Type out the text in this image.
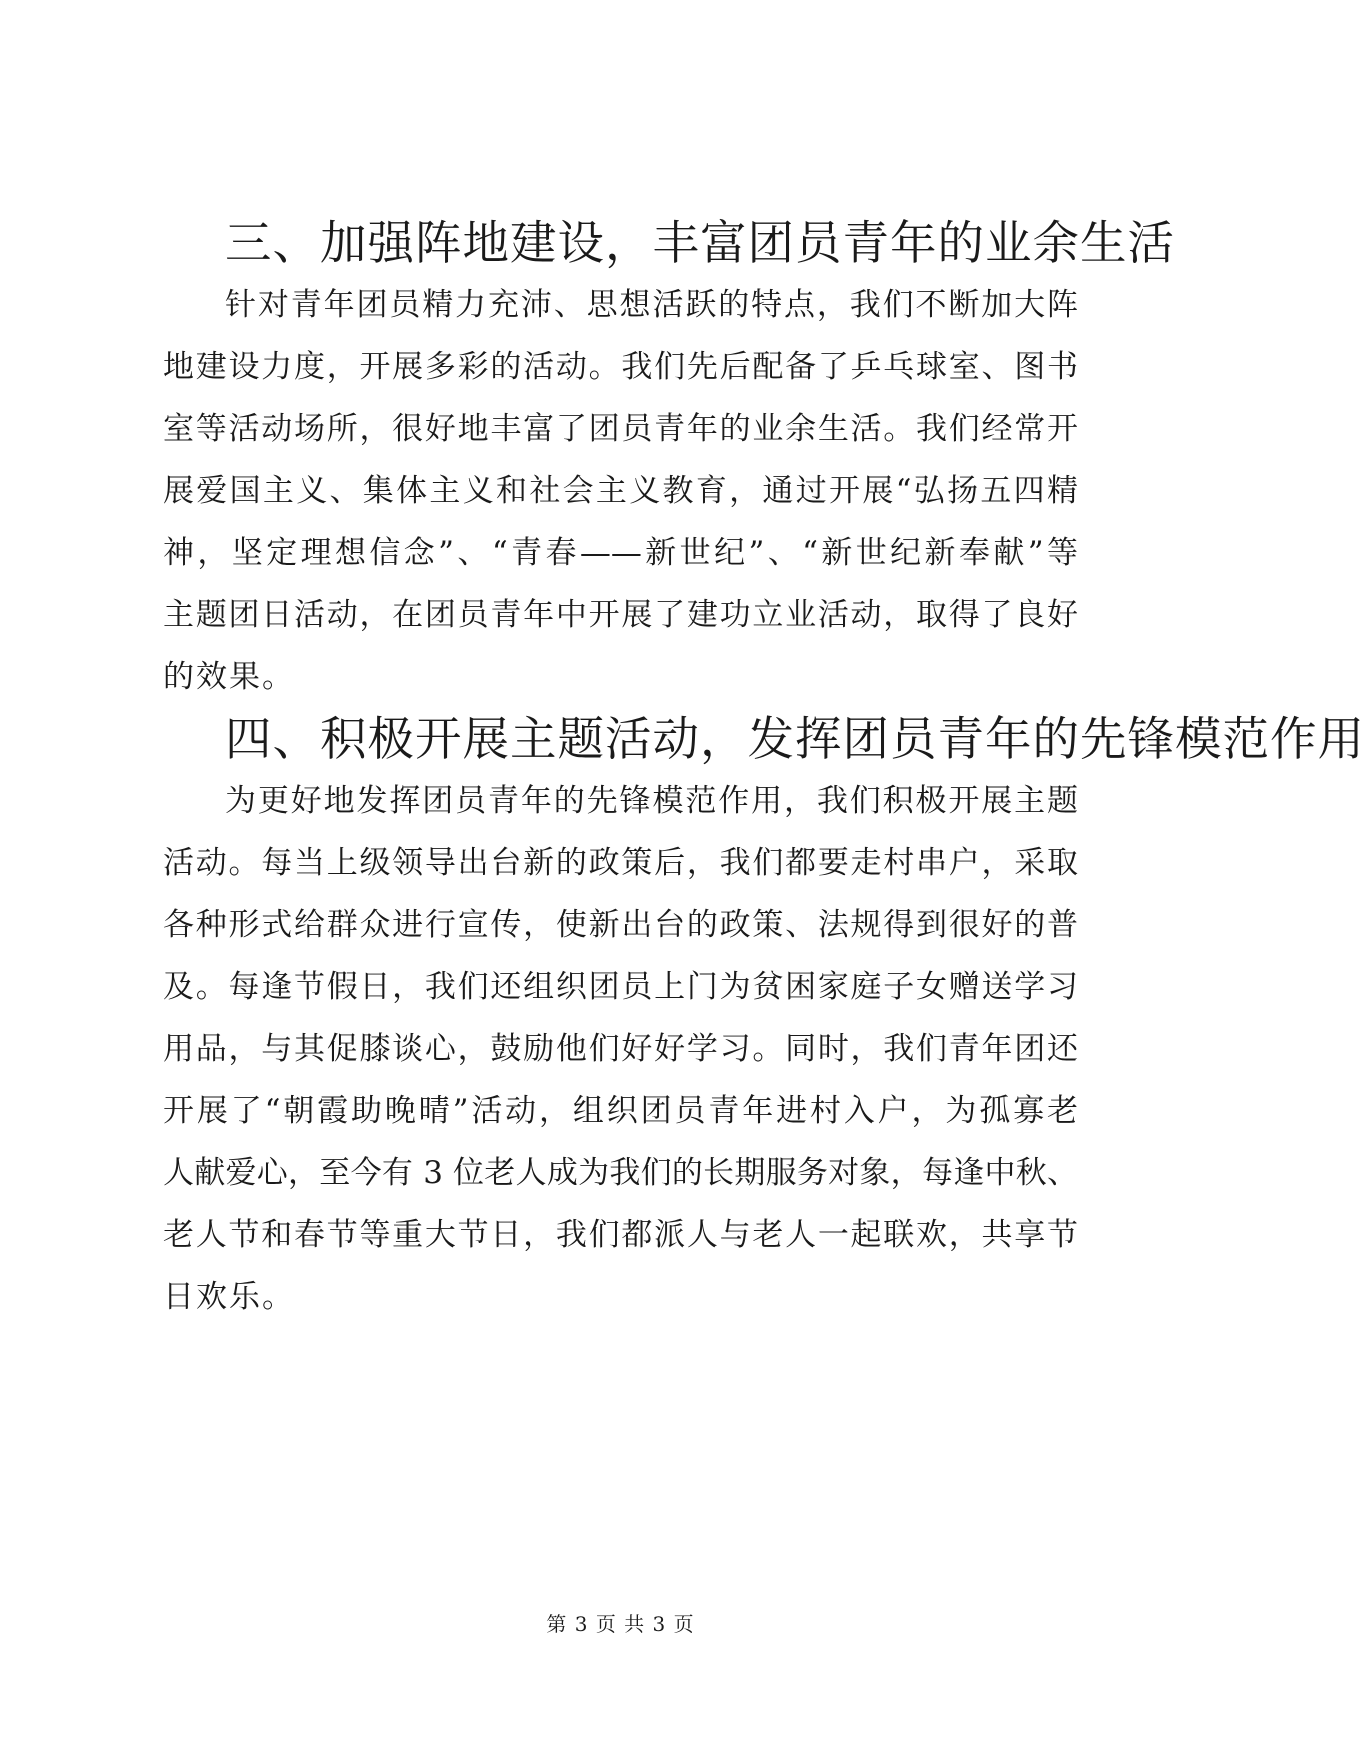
三、加强阵地建设，丰富团员青年的业余生活
针对青年团员精力充沛、思想活跃的特点，我们不断加大阵
地建设力度，开展多彩的活动。我们先后配备了乒乓球室、图书
室等活动场所，很好地丰富了团员青年的业余生活。我们经常开
展爱国主义、集体主义和社会主义教育，通过开展“弘扬五四精
神，坚定理想信念”、“青春——新世纪”、“新世纪新奉献”等
主题团日活动，在团员青年中开展了建功立业活动，取得了良好
的效果。
四、积极开展主题活动，发挥团员青年的先锋模范作用
为更好地发挥团员青年的先锋模范作用，我们积极开展主题
活动。每当上级领导出台新的政策后，我们都要走村串户，采取
各种形式给群众进行宣传，使新出台的政策、法规得到很好的普
及。每逢节假日，我们还组织团员上门为贫困家庭子女赠送学习
用品，与其促膝谈心，鼓励他们好好学习。同时，我们青年团还
开展了“朝霞助晚晴”活动，组织团员青年进村入户，为孤寡老
人献爱心，至今有 3 位老人成为我们的长期服务对象，每逢中秋、
老人节和春节等重大节日，我们都派人与老人一起联欢，共享节
日欢乐。
第 3 页 共 3 页
